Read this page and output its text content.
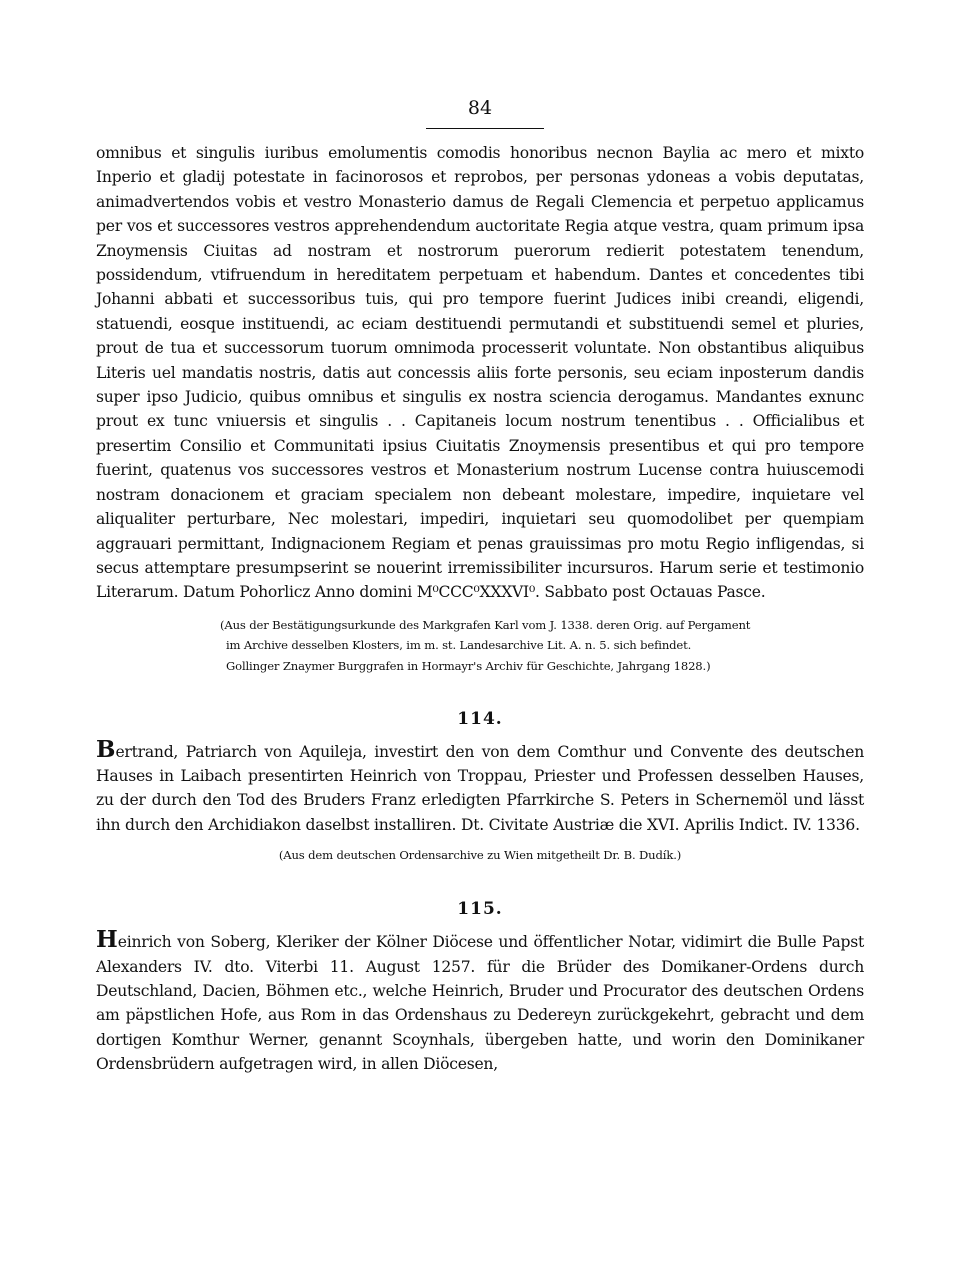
84

omnibus et singulis iuribus emolumentis comodis honoribus necnon Baylia ac mero et mixto Inperio et gladij potestate in facinorosos et reprobos, per personas ydoneas a vobis deputatas, animadvertendos vobis et vestro Monasterio damus de Regali Clemencia et perpetuo applicamus per vos et successores vestros apprehendendum auctoritate Regia atque vestra, quam primum ipsa Znoymensis Ciuitas ad nostram et nostrorum puerorum redierit potestatem tenendum, possidendum, vtifruendum in hereditatem perpetuam et habendum. Dantes et concedentes tibi Johanni abbati et successoribus tuis, qui pro tempore fuerint Judices inibi creandi, eligendi, statuendi, eosque instituendi, ac eciam destituendi permutandi et substituendi semel et pluries, prout de tua et successorum tuorum omnimoda processerit voluntate. Non obstantibus aliquibus Literis uel mandatis nostris, datis aut concessis aliis forte personis, seu eciam inposterum dandis super ipso Judicio, quibus omnibus et singulis ex nostra sciencia derogamus. Mandantes exnunc prout ex tunc vniuersis et singulis . . Capitaneis locum nostrum tenentibus . . Officialibus et presertim Consilio et Communitati ipsius Ciuitatis Znoymensis presentibus et qui pro tempore fuerint, quatenus vos successores vestros et Monasterium nostrum Lucense contra huiuscemodi nostram donacionem et graciam specialem non debeant molestare, impedire, inquietare vel aliqualiter perturbare, Nec molestari, impediri, inquietari seu quomodolibet per quempiam aggrauari permittant, Indignacionem Regiam et penas grauissimas pro motu Regio infligendas, si secus attemptare presumpserint se nouerint irremissibiliter incursuros. Harum serie et testimonio Literarum. Datum Pohorlicz Anno domini M⁰CCC⁰XXXVI⁰. Sabbato post Octauas Pasce.

(Aus der Bestätigungsurkunde des Markgrafen Karl vom J. 1338. deren Orig. auf Pergament
im Archive desselben Klosters, im m. st. Landesarchive Lit. A. n. 5. sich befindet.
Gollinger Znaymer Burggrafen in Hormayr's Archiv für Geschichte, Jahrgang 1828.)

114.

Bertrand, Patriarch von Aquileja, investirt den von dem Comthur und Convente des deutschen Hauses in Laibach presentirten Heinrich von Troppau, Priester und Professen desselben Hauses, zu der durch den Tod des Bruders Franz erledigten Pfarrkirche S. Peters in Schernemöl und lässt ihn durch den Archidiakon daselbst installiren. Dt. Civitate Austriæ die XVI. Aprilis Indict. IV. 1336.

(Aus dem deutschen Ordensarchive zu Wien mitgetheilt Dr. B. Dudík.)

115.

Heinrich von Soberg, Kleriker der Kölner Diöcese und öffentlicher Notar, vidimirt die Bulle Papst Alexanders IV. dto. Viterbi 11. August 1257. für die Brüder des Domikaner-Ordens durch Deutschland, Dacien, Böhmen etc., welche Heinrich, Bruder und Procurator des deutschen Ordens am päpstlichen Hofe, aus Rom in das Ordenshaus zu Dedereyn zurückgekehrt, gebracht und dem dortigen Komthur Werner, genannt Scoynhals, übergeben hatte, und worin den Dominikaner Ordensbrüdern aufgetragen wird, in allen Diöcesen,
